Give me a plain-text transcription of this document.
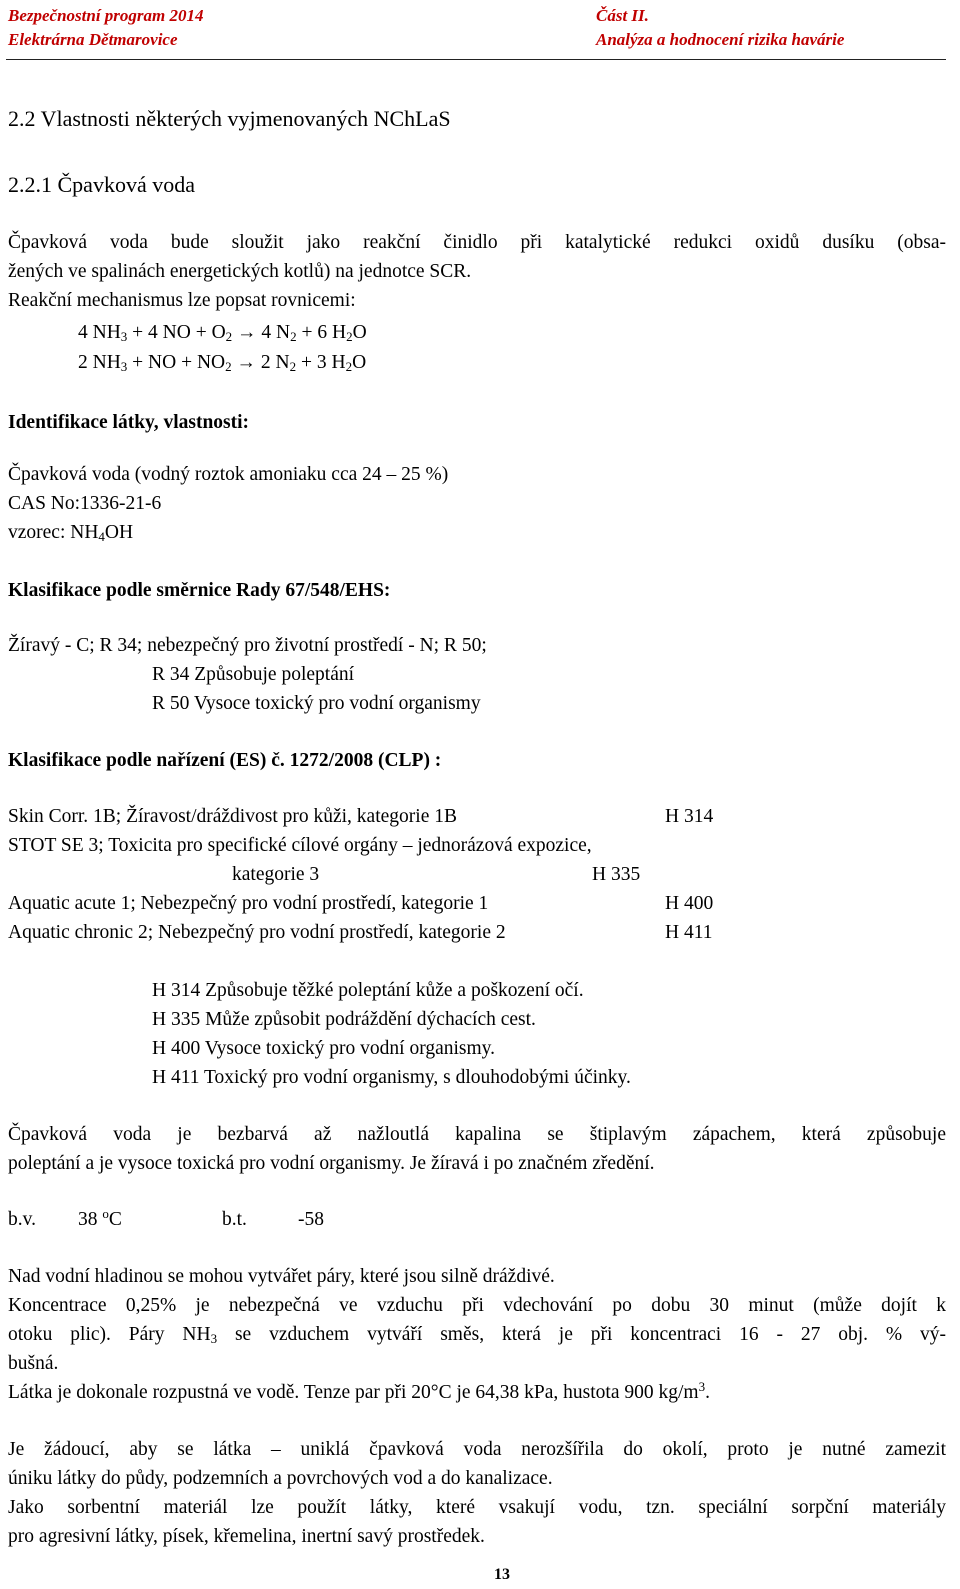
Bezpečnostní program 2014
Elektrárna Dětmarovice
Část II.
Analýza a hodnocení rizika havárie
2.2 Vlastnosti některých vyjmenovaných NChLaS
2.2.1 Čpavková voda
Čpavková voda bude sloužit jako reakční činidlo při katalytické redukci oxidů dusíku (obsa-
žených ve spalinách energetických kotlů) na jednotce SCR.
Reakční mechanismus lze popsat rovnicemi:
4 $NH_3 + 4$ NO + $O_2 \to 4$ $N_2 + 6$ $H_2O$
2 $NH_3$ + NO + $NO_2 \to 2$ $N_2 + 3$ $H_2O$
Identifikace látky, vlastnosti:
Čpavková voda (vodný roztok amoniaku cca 24 – 25 %)
CAS No:1336-21-6
vzorec: $NH_4OH$
Klasifikace podle směrnice Rady 67/548/EHS:
Žíravý - C; R 34; nebezpečný pro životní prostředí - N; R 50;
R 34 Způsobuje poleptání
R 50 Vysoce toxický pro vodní organismy
Klasifikace podle nařízení (ES) č. 1272/2008 (CLP) :
Skin Corr. 1B; Žíravost/dráždivost pro kůži, kategorie 1B	H 314
STOT SE 3; Toxicita pro specifické cílové orgány – jednorázová expozice,
kategorie 3	H 335
Aquatic acute 1; Nebezpečný pro vodní prostředí, kategorie 1	H 400
Aquatic chronic 2; Nebezpečný pro vodní prostředí, kategorie 2	H 411
H 314 Způsobuje těžké poleptání kůže a poškození očí.
H 335 Může způsobit podráždění dýchacích cest.
H 400 Vysoce toxický pro vodní organismy.
H 411 Toxický pro vodní organismy, s dlouhodobými účinky.
Čpavková voda je bezbarvá až nažloutlá kapalina se štiplavým zápachem, která způsobuje
poleptání a je vysoce toxická pro vodní organismy. Je žíravá i po značném zředění.
b.v. 38 $^o$C	b.t.	-58
Nad vodní hladinou se mohou vytvářet páry, které jsou silně dráždivé.
Koncentrace 0,25% je nebezpečná ve vzduchu při vdechování po dobu 30 minut (může dojít k
otoku plic). Páry $NH_3$ se vzduchem vytváří směs, která je při koncentraci 16 - 27 obj. % vý-
bušná.
Látka je dokonale rozpustná ve vodě. Tenze par při 20°C je 64,38 kPa, hustota 900 $kg/m^3$.
Je žádoucí, aby se látka – uniklá čpavková voda nerozšířila do okolí, proto je nutné zamezit
úniku látky do půdy, podzemních a povrchových vod a do kanalizace.
Jako sorbentní materiál lze použít látky, které vsakují vodu, tzn. speciální sorpční materiály
pro agresivní látky, písek, křemelina, inertní savý prostředek.
13
